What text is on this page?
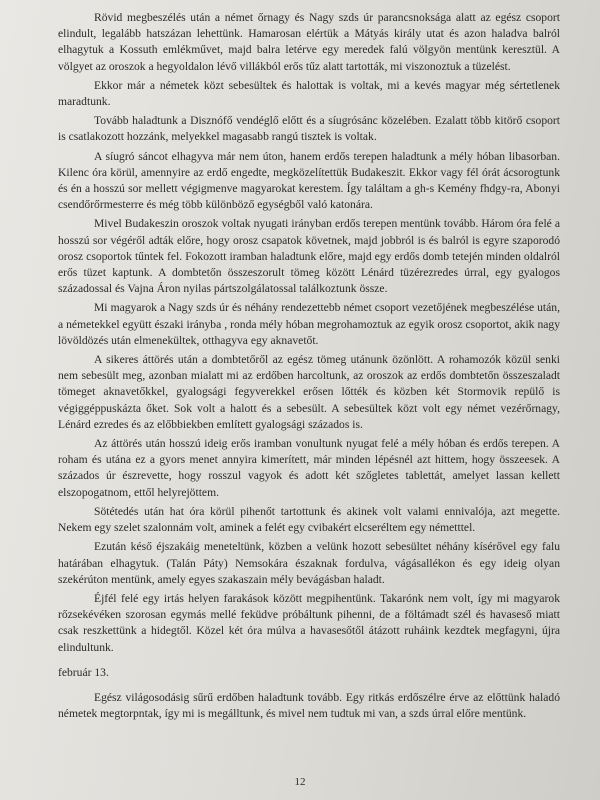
Rövid megbeszélés után a német őrnagy és Nagy szds úr parancsnoksága alatt az egész csoport elindult, legalább hatszázan lehettünk. Hamarosan elértük a Mátyás király utat és azon haladva balról elhagytuk a Kossuth emlékművet, majd balra letérve egy meredek falú völgyön mentünk keresztül. A völgyet az oroszok a hegyoldalon lévő villákból erős tűz alatt tartották, mi viszonoztuk a tüzelést.

Ekkor már a németek közt sebesültek és halottak is voltak, mi a kevés magyar még sértetlenek maradtunk.

Tovább haladtunk a Disznófő vendéglő előtt és a síugrósánc közelében. Ezalatt több kitörő csoport is csatlakozott hozzánk, melyekkel magasabb rangú tisztek is voltak.

A síugró sáncot elhagyva már nem úton, hanem erdős terepen haladtunk a mély hóban libasorban. Kilenc óra körül, amennyire az erdő engedte, megközelítettük Budakeszit. Ekkor vagy fél órát ácsorogtunk és én a hosszú sor mellett végigmenve magyarokat kerestem. Így találtam a gh-s Kemény fhdgy-ra, Abonyi csendőrőrmesterre és még több különböző egységből való katonára.

Mivel Budakeszin oroszok voltak nyugati irányban erdős terepen mentünk tovább. Három óra felé a hosszú sor végéről adták előre, hogy orosz csapatok követnek, majd jobbról is és balról is egyre szaporodó orosz csoportok tűntek fel. Fokozott iramban haladtunk előre, majd egy erdős domb tetején minden oldalról erős tüzet kaptunk. A dombtetőn összeszorult tömeg között Lénárd tüzérezredes úrral, egy gyalogos századossal és Vajna Áron nyilas pártszolgálatossal találkoztunk össze.

Mi magyarok a Nagy szds úr és néhány rendezettebb német csoport vezetőjének megbeszélése után, a németekkel együtt északi irányba , ronda mély hóban megrohamoztuk az egyik orosz csoportot, akik nagy lövöldözés után elmenekültek, otthagyva egy aknavetőt.

A sikeres áttörés után a dombtetőről az egész tömeg utánunk özönlött. A rohamozók közül senki nem sebesült meg, azonban mialatt mi az erdőben harcoltunk, az oroszok az erdős dombtetőn összeszaladt tömeget aknavetőkkel, gyalogsági fegyverekkel erősen lőtték és közben két Stormovik repülő is végiggéppuskázta őket. Sok volt a halott és a sebesült. A sebesültek közt volt egy német vezérőrnagy, Lénárd ezredes és az előbbiekben említett gyalogsági százados is.

Az áttörés után hosszú ideig erős iramban vonultunk nyugat felé a mély hóban és erdős terepen. A roham és utána ez a gyors menet annyira kimerített, már minden lépésnél azt hittem, hogy összeesek. A százados úr észrevette, hogy rosszul vagyok és adott két szőgletes tablettát, amelyet lassan kellett elszopogatnom, ettől helyrejöttem.

Sötétedés után hat óra körül pihenőt tartottunk és akinek volt valami ennivalója, azt megette. Nekem egy szelet szalonnám volt, aminek a felét egy cvibakért elcseréltem egy németttel.

Ezután késő éjszakáig meneteltünk, közben a velünk hozott sebesültet néhány kísérővel egy falu határában elhagytuk. (Talán Páty) Nemsokára északnak fordulva, vágásallékon és egy ideig olyan szekérúton mentünk, amely egyes szakaszain mély bevágásban haladt.

Éjfél felé egy irtás helyen farakások között megpihentünk. Takarónk nem volt, így mi magyarok rőzsekévéken szorosan egymás mellé feküdve próbáltunk pihenni, de a föltámadt szél és havaseső miatt csak reszkettünk a hidegtől. Közel két óra múlva a havasesőtől átázott ruháink kezdtek megfagyni, újra elindultunk.

február 13.

Egész világosodásig sűrű erdőben haladtunk tovább. Egy ritkás erdőszélre érve az előttünk haladó németek megtorpntak, így mi is megálltunk, és mivel nem tudtuk mi van, a szds úrral előre mentünk.

12
